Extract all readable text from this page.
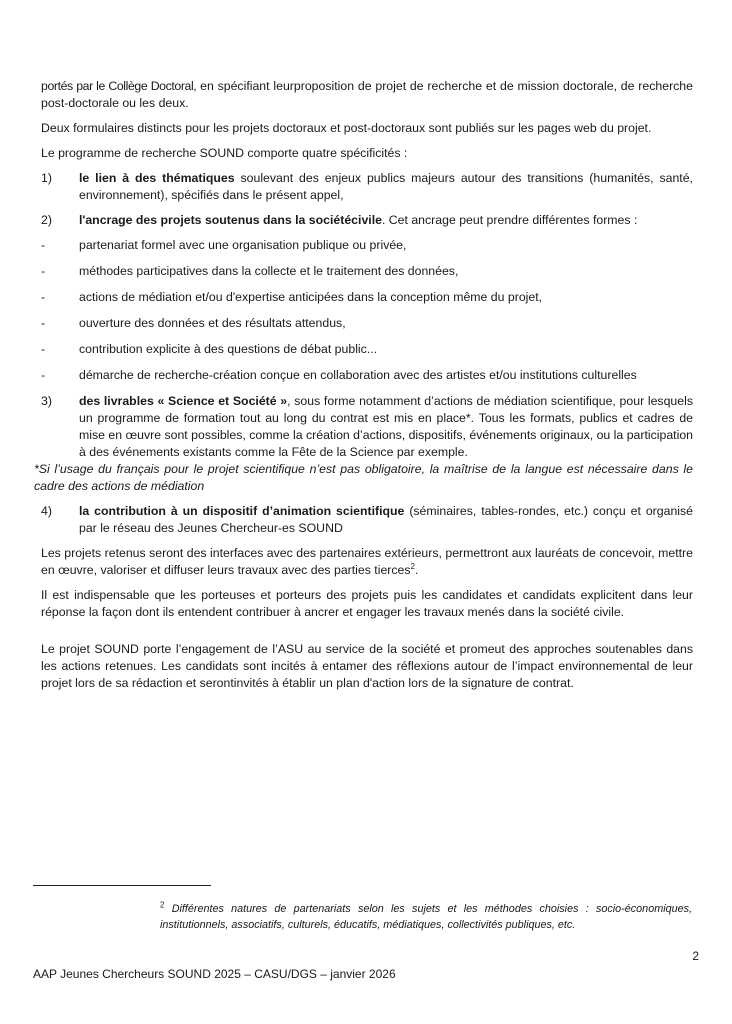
portés par le Collège Doctoral, en spécifiant leurproposition de projet de recherche et de mission doctorale, de recherche post-doctorale ou les deux.

Deux formulaires distincts pour les projets doctoraux et post-doctoraux sont publiés sur les pages web du projet.

Le programme de recherche SOUND comporte quatre spécificités :

1) le lien à des thématiques soulevant des enjeux publics majeurs autour des transitions (humanités, santé, environnement), spécifiés dans le présent appel,
2) l'ancrage des projets soutenus dans la sociétécivile. Cet ancrage peut prendre différentes formes :
-	partenariat formel avec une organisation publique ou privée,
-	méthodes participatives dans la collecte et le traitement des données,
-	actions de médiation et/ou d'expertise anticipées dans la conception même du projet,
-	ouverture des données et des résultats attendus,
-	contribution explicite à des questions de débat public...
-	démarche de recherche-création conçue en collaboration avec des artistes et/ou institutions culturelles
3) des livrables « Science et Société », sous forme notamment d’actions de médiation scientifique, pour lesquels un programme de formation tout au long du contrat est mis en place*. Tous les formats, publics et cadres de mise en œuvre sont possibles, comme la création d’actions, dispositifs, événements originaux, ou la participation à des événements existants comme la Fête de la Science par exemple.

*Si l’usage du français pour le projet scientifique n’est pas obligatoire, la maîtrise de la langue est nécessaire dans le cadre des actions de médiation

4) la contribution à un dispositif d’animation scientifique (séminaires, tables-rondes, etc.) conçu et organisé par le réseau des Jeunes Chercheur-es SOUND

Les projets retenus seront des interfaces avec des partenaires extérieurs, permettront aux lauréats de concevoir, mettre en œuvre, valoriser et diffuser leurs travaux avec des parties tierces$^2$.

Il est indispensable que les porteuses et porteurs des projets puis les candidates et candidats explicitent dans leur réponse la façon dont ils entendent contribuer à ancrer et engager les travaux menés dans la société civile.

Le projet SOUND porte l’engagement de l’ASU au service de la société et promeut des approches soutenables dans les actions retenues. Les candidats sont incités à entamer des réflexions autour de l’impact environnemental de leur projet lors de sa rédaction et serontinvités à établir un plan d'action lors de la signature de contrat.

$^2$ Différentes natures de partenariats selon les sujets et les méthodes choisies : socio-économiques, institutionnels, associatifs, culturels, éducatifs, médiatiques, collectivités publiques, etc.
2
AAP Jeunes Chercheurs SOUND 2025 – CASU/DGS – janvier 2026
